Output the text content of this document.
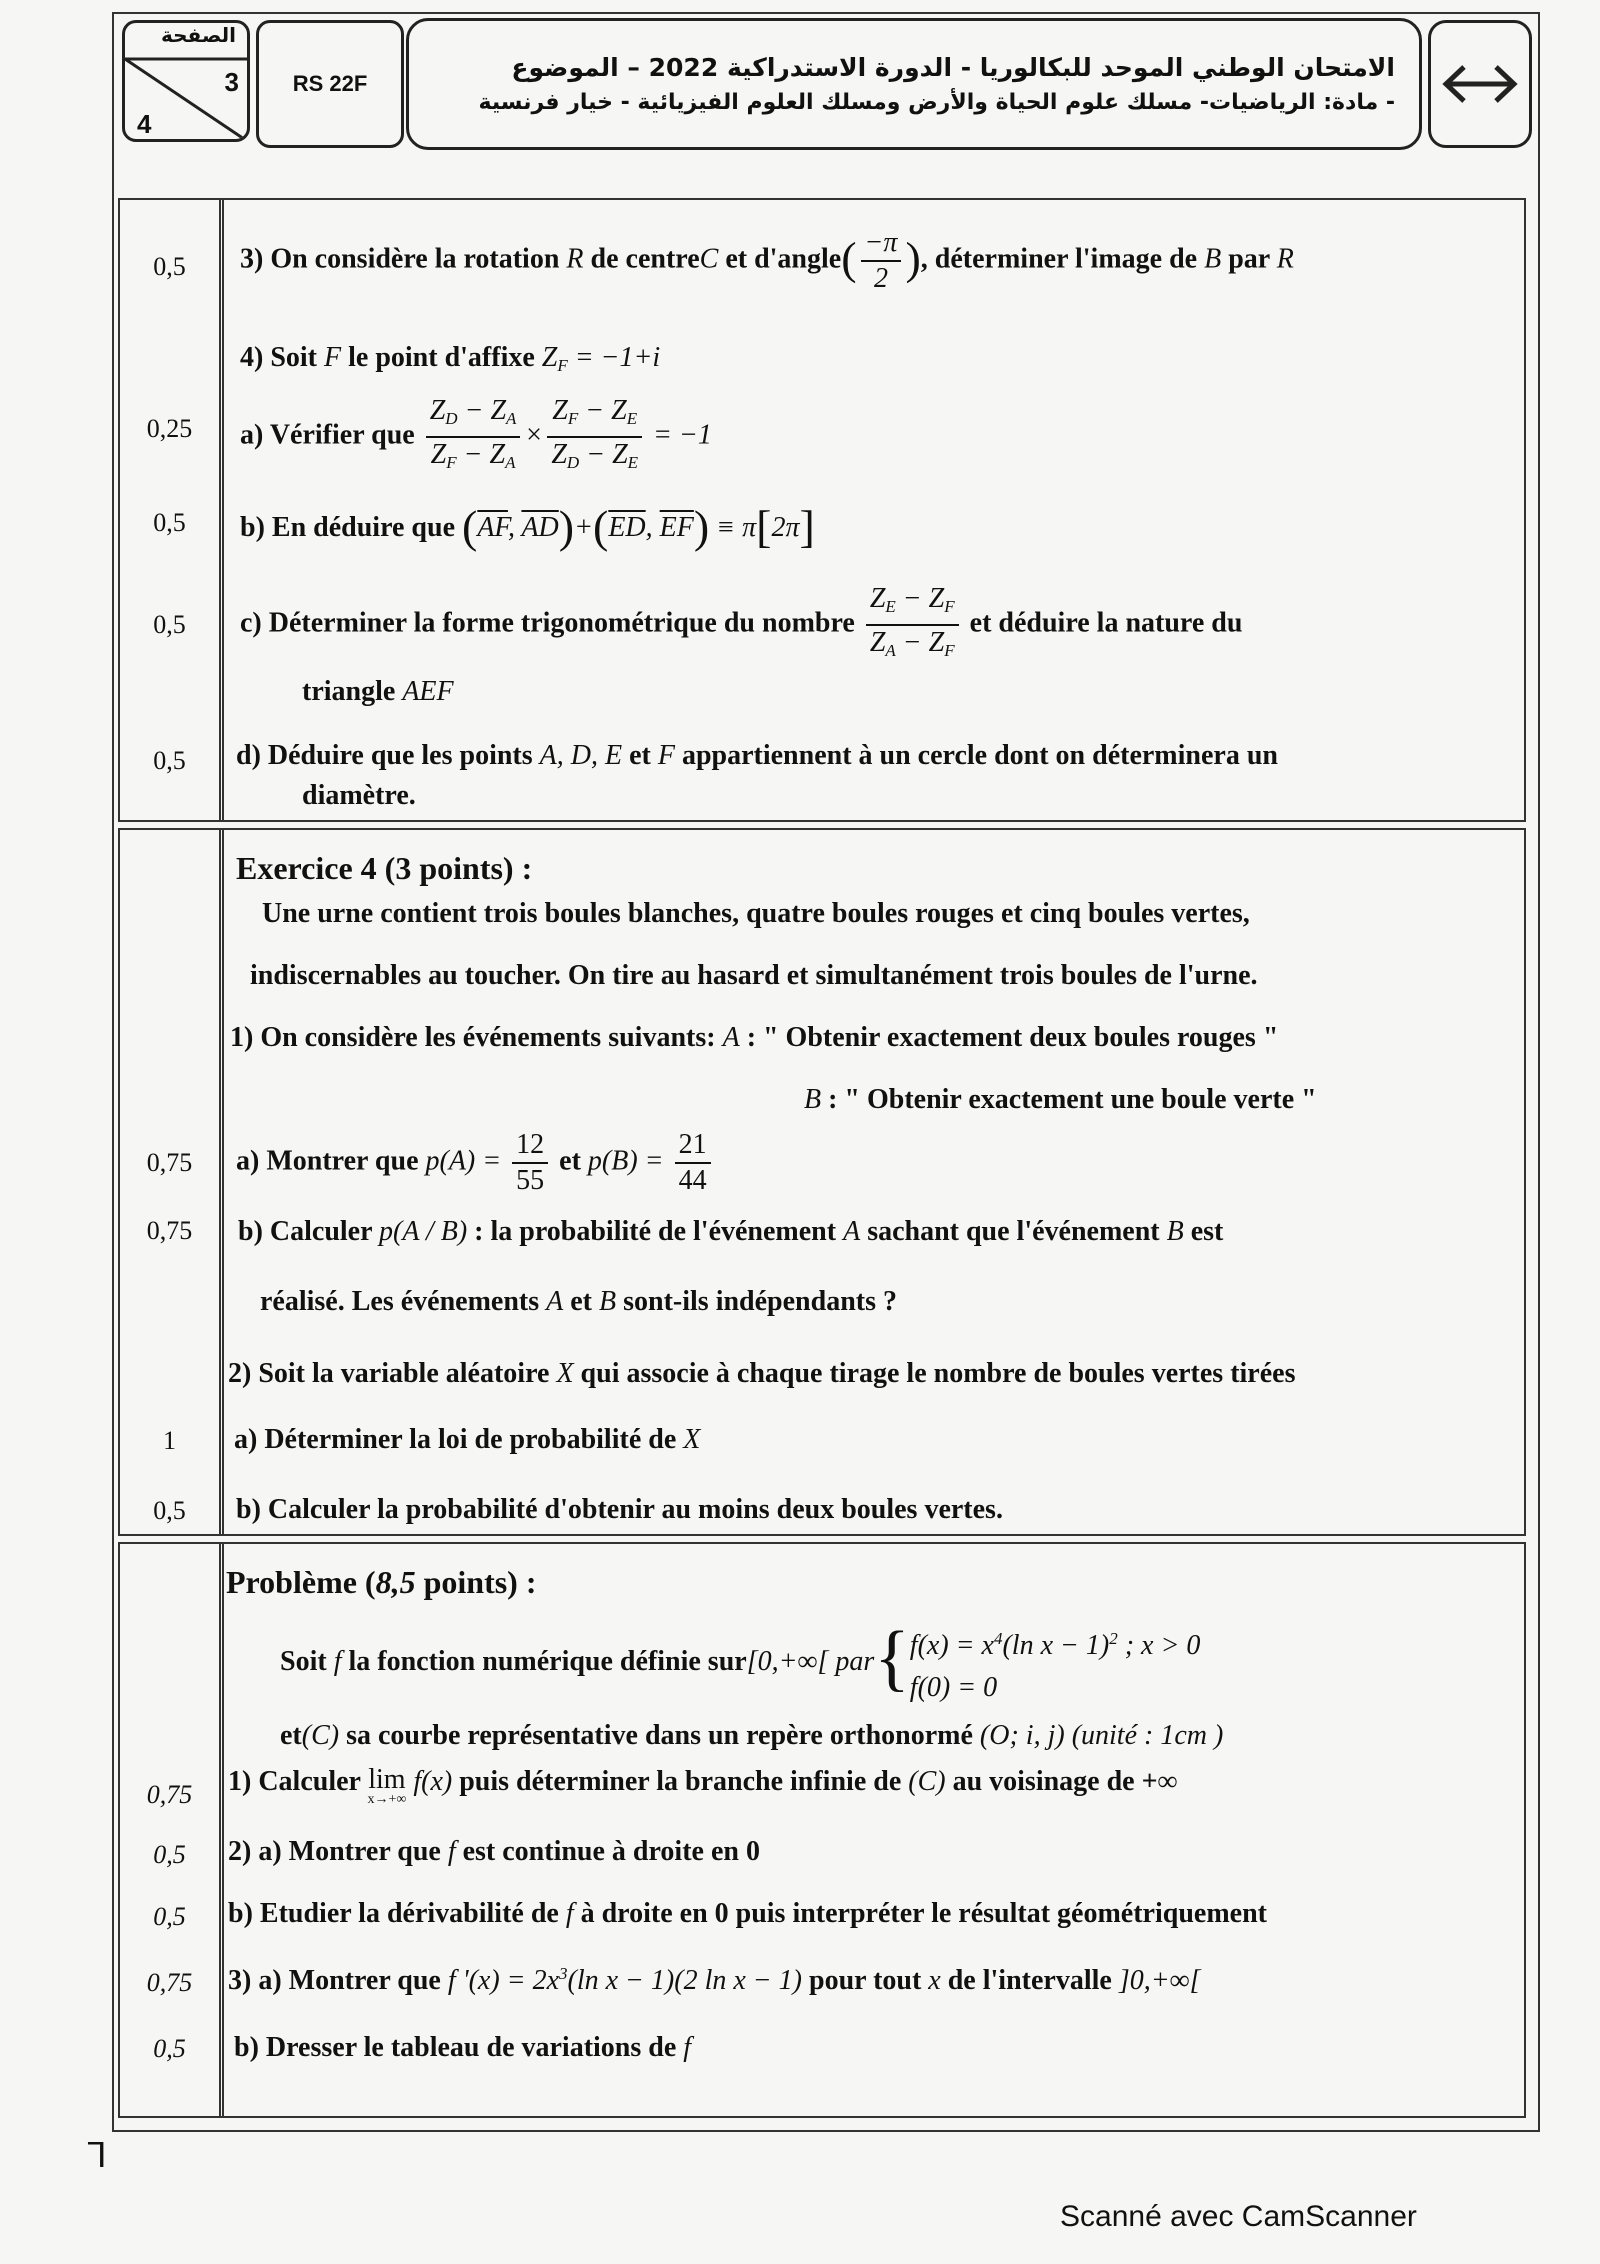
الصفحة
3
4
RS 22F
الامتحان الوطني الموحد للبكالوريا - الدورة الاستدراكية 2022 – الموضوع
- مادة: الرياضيات- مسلك علوم الحياة والأرض ومسلك العلوم الفيزيائية - خيار فرنسية
0,5
0,25
0,5
0,5
0,5
3) On considère la rotation R de centreC et d'angle( $\frac{-\pi}{2}$ ), déterminer l'image de B par R
4) Soit F le point d'affixe $Z_F = -1+i$
a) Vérifier que $\frac{Z_D - Z_A}{Z_F - Z_A} \times \frac{Z_F - Z_E}{Z_D - Z_E} = -1$
b) En déduire que ($\overline{AF}$, $\overline{AD})+(\overline{ED}$, $\overline{EF}) \equiv \pi[2\pi]$
c) Déterminer la forme trigonométrique du nombre $\frac{Z_E - Z_F}{Z_A - Z_F}$ et déduire la nature du
triangle AEF
d) Déduire que les points A, D, E et F appartiennent à un cercle dont on déterminera un
diamètre.
0,75
0,75
1
0,5
Exercice 4 (3 points) :
Une urne contient trois boules blanches, quatre boules rouges et cinq boules vertes,
indiscernables au toucher. On tire au hasard et simultanément trois boules de l'urne.
1) On considère les événements suivants: A : " Obtenir exactement deux boules rouges "
B : " Obtenir exactement une boule verte "
a) Montrer que $p(A) = \frac{12}{55}$ et $p(B) = \frac{21}{44}$
b) Calculer p(A / B) : la probabilité de l'événement A sachant que l'événement B est
réalisé. Les événements A et B sont-ils indépendants ?
2) Soit la variable aléatoire X qui associe à chaque tirage le nombre de boules vertes tirées
a) Déterminer la loi de probabilité de X
b) Calculer la probabilité d'obtenir au moins deux boules vertes.
0,75
0,5
0,5
0,75
0,5
Problème (8,5 points) :
Soit f la fonction numérique définie sur[0,+∞[ par{ $f(x) = x^4(\ln$ x − 1)$^2$ ; x > 0
f(0) = 0
et(C) sa courbe représentative dans un repère orthonormé (O; i, j) (unité : 1cm )
1) Calculer lim
x→+∞
f(x) puis déterminer la branche infinie de (C) au voisinage de +∞
2) a) Montrer que f est continue à droite en 0
b) Etudier la dérivabilité de f à droite en 0 puis interpréter le résultat géométriquement
3) a) Montrer que f '$(x) = 2x^3(\ln$ x − 1)(2 ln x − 1) pour tout x de l'intervalle ]0,+∞[
b) Dresser le tableau de variations de f
ᒣ
Scanné avec CamScanner
